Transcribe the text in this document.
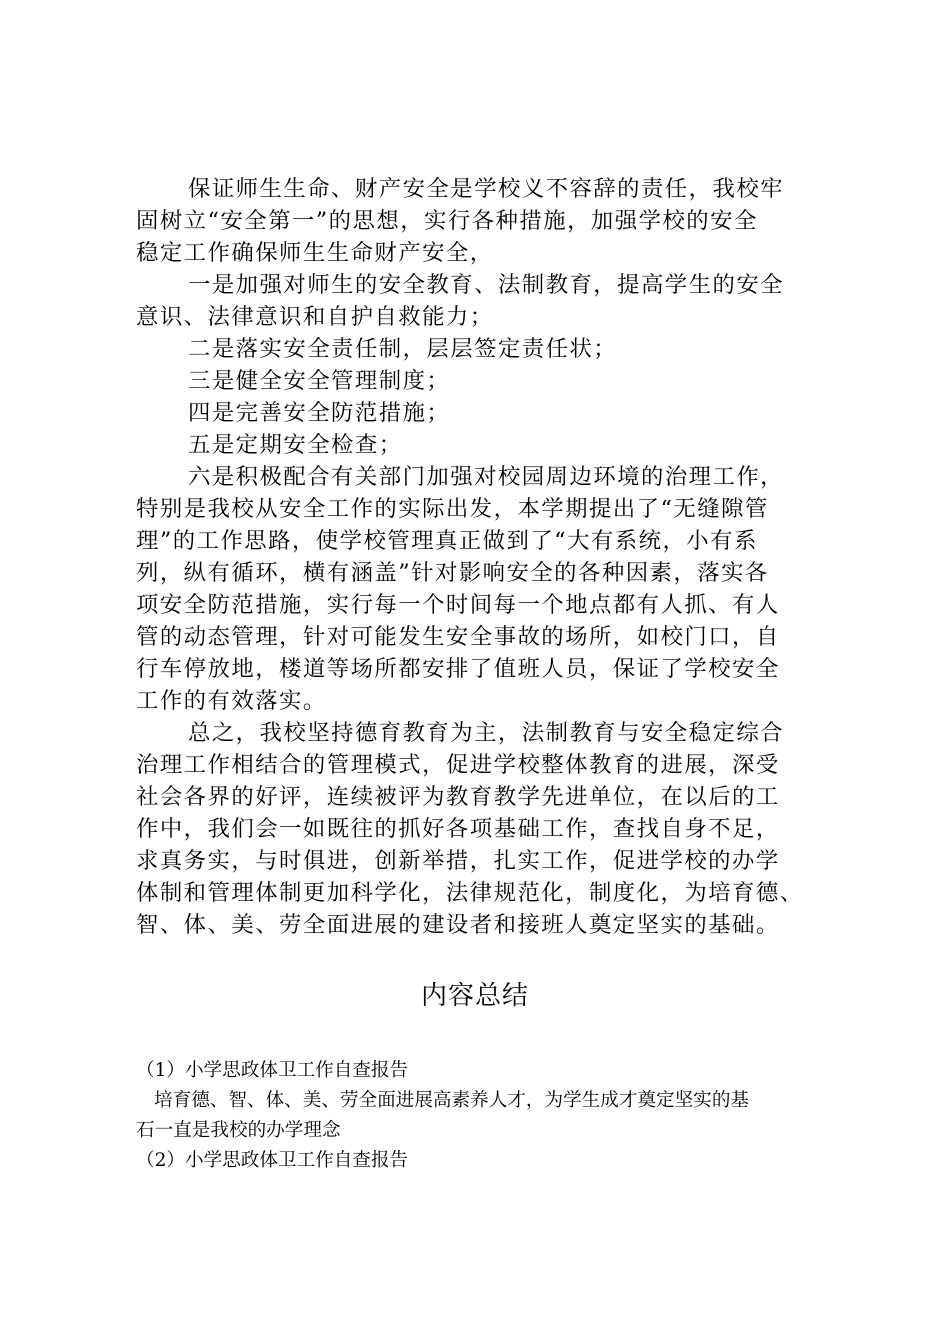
保证师生生命、财产安全是学校义不容辞的责任，我校牢
固树立“安全第一”的思想，实行各种措施，加强学校的安全
稳定工作确保师生生命财产安全，
一是加强对师生的安全教育、法制教育，提高学生的安全
意识、法律意识和自护自救能力；
二是落实安全责任制，层层签定责任状；
三是健全安全管理制度；
四是完善安全防范措施；
五是定期安全检查；
六是积极配合有关部门加强对校园周边环境的治理工作，
特别是我校从安全工作的实际出发，本学期提出了“无缝隙管
理”的工作思路，使学校管理真正做到了“大有系统，小有系
列，纵有循环，横有涵盖”针对影响安全的各种因素，落实各
项安全防范措施，实行每一个时间每一个地点都有人抓、有人
管的动态管理，针对可能发生安全事故的场所，如校门口，自
行车停放地，楼道等场所都安排了值班人员，保证了学校安全
工作的有效落实。
总之，我校坚持德育教育为主，法制教育与安全稳定综合
治理工作相结合的管理模式，促进学校整体教育的进展，深受
社会各界的好评，连续被评为教育教学先进单位，在以后的工
作中，我们会一如既往的抓好各项基础工作，查找自身不足，
求真务实，与时俱进，创新举措，扎实工作，促进学校的办学
体制和管理体制更加科学化，法律规范化，制度化，为培育德、
智、体、美、劳全面进展的建设者和接班人奠定坚实的基础。
内容总结
（1）小学思政体卫工作自查报告
培育德、智、体、美、劳全面进展高素养人才，为学生成才奠定坚实的基
石一直是我校的办学理念
（2）小学思政体卫工作自查报告
